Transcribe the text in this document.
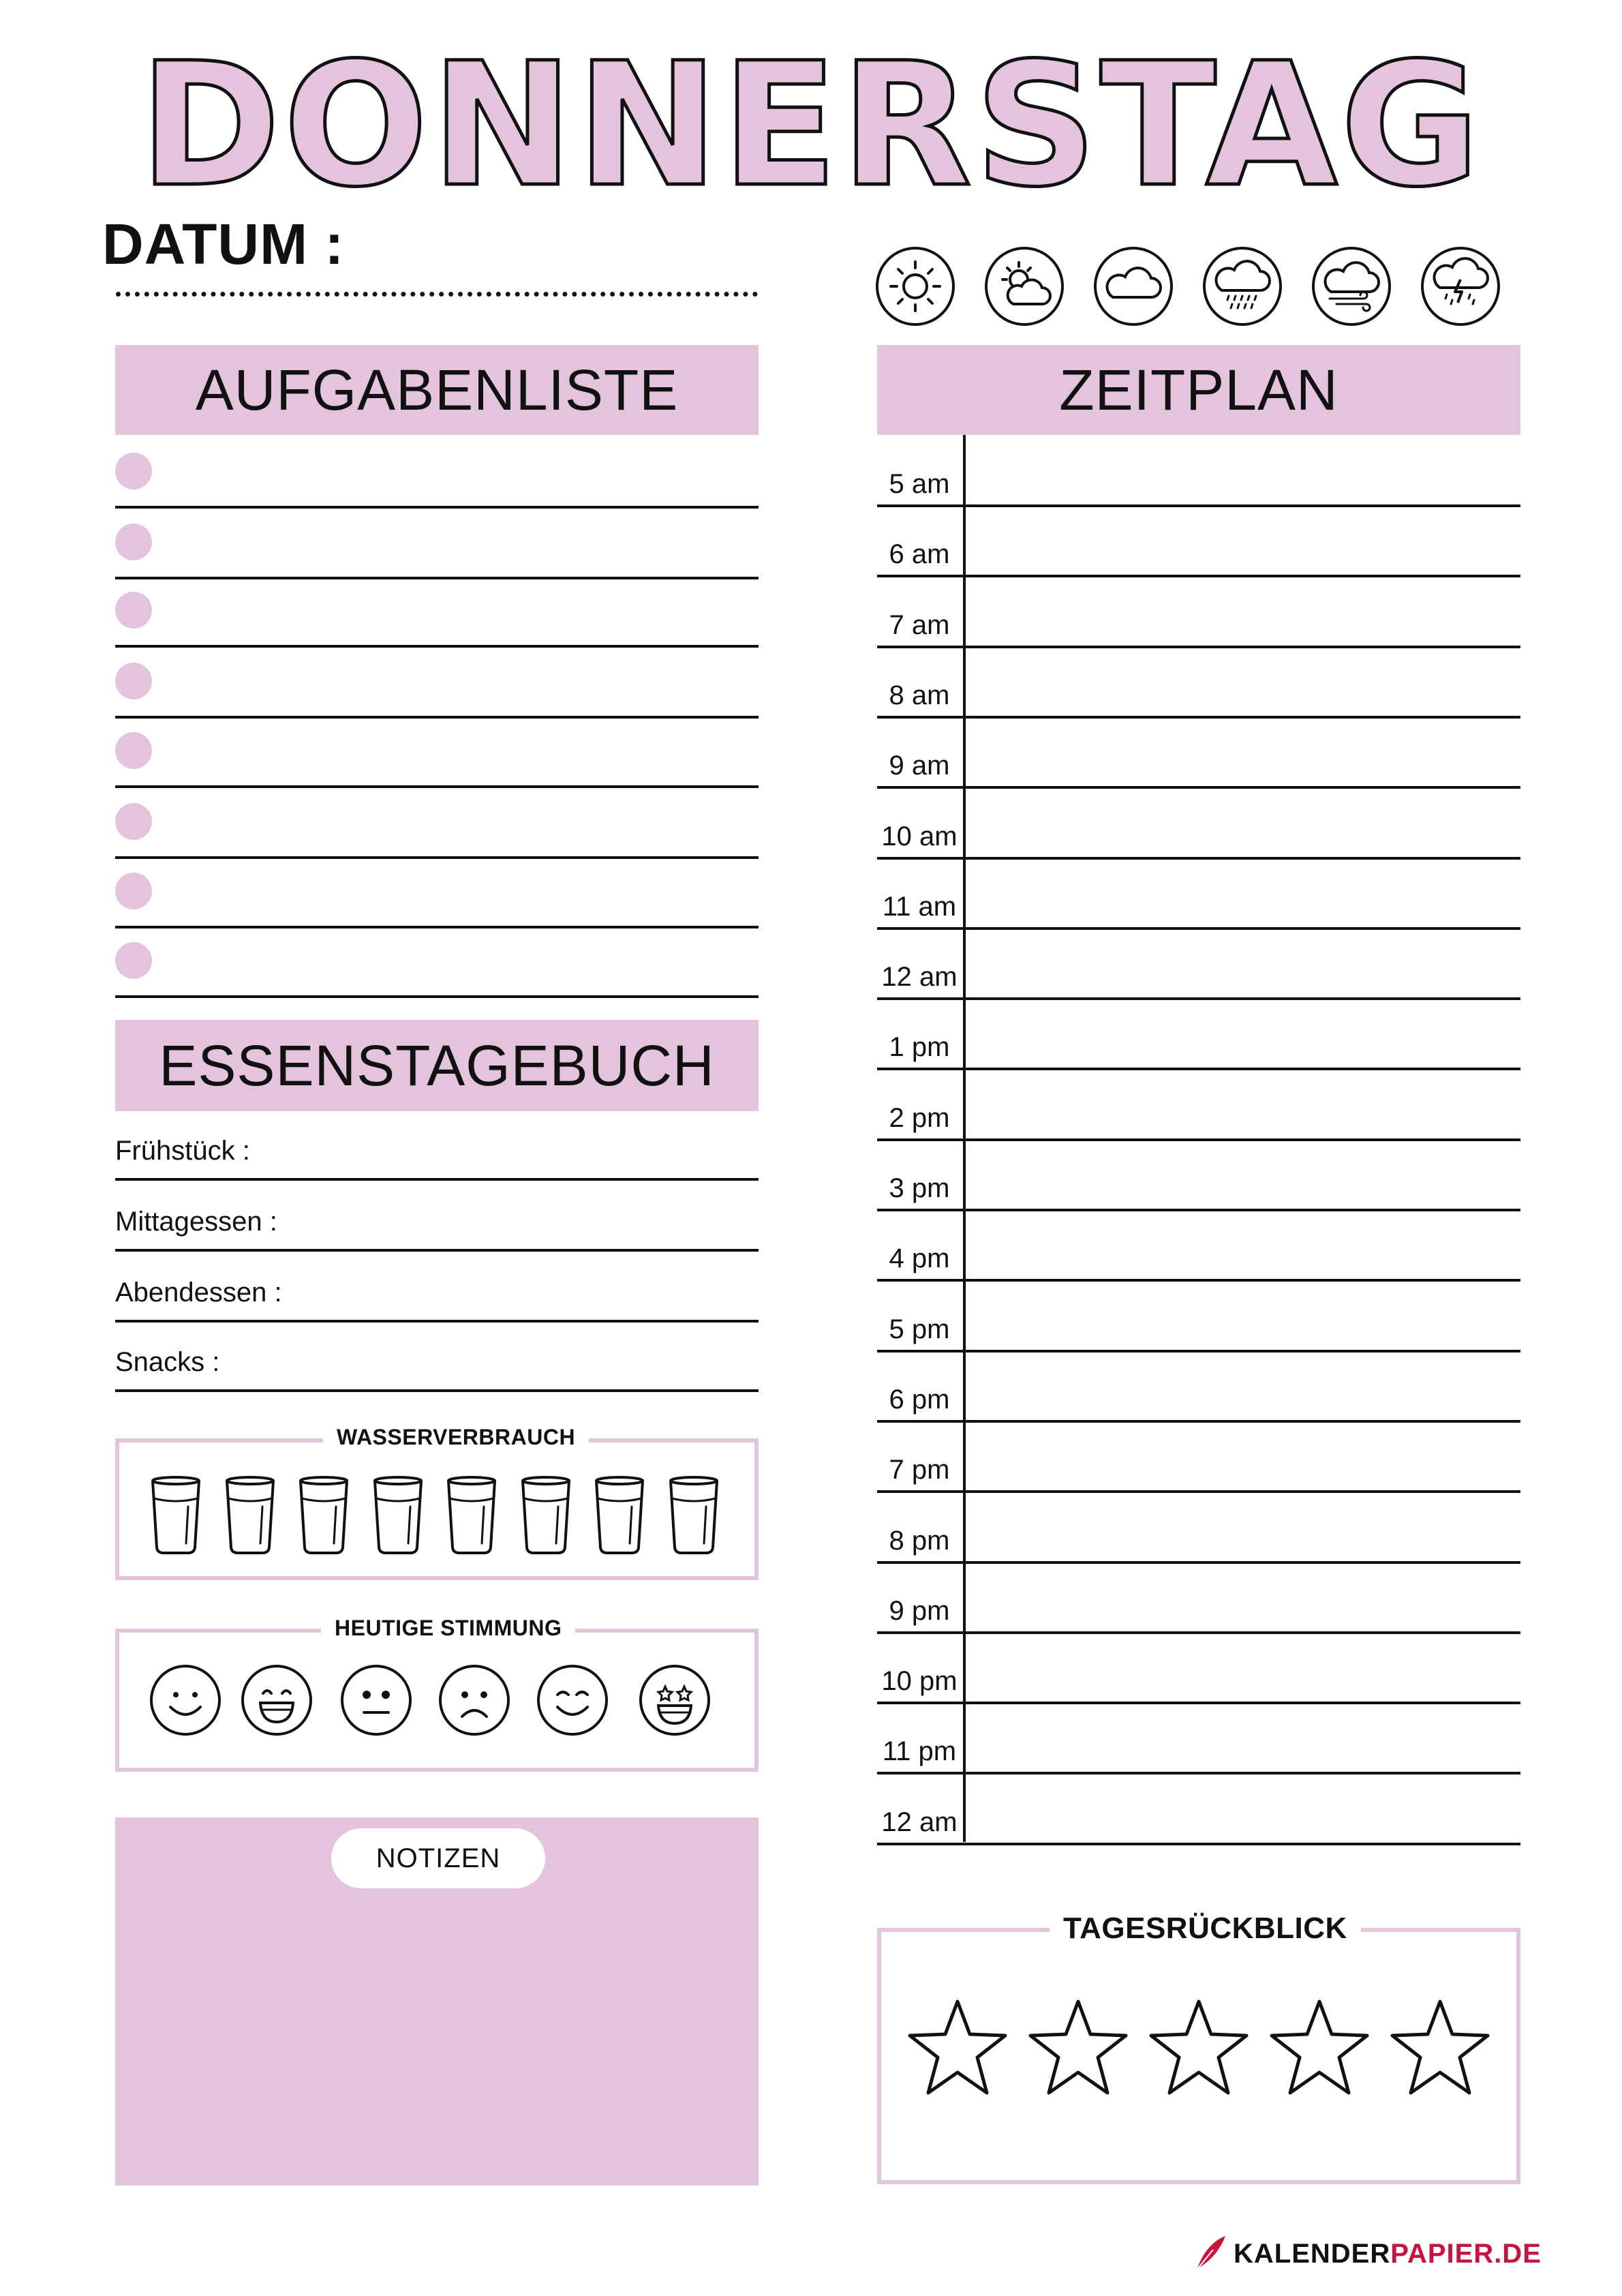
DONNERSTAG
DATUM :
AUFGABENLISTE
ESSENSTAGEBUCH
Frühstück :
Mittagessen :
Abendessen :
Snacks :
WASSERVERBRAUCH
HEUTIGE STIMMUNG
NOTIZEN
ZEITPLAN
5 am
6 am
7 am
8 am
9 am
10 am
11 am
12 am
1 pm
2 pm
3 pm
4 pm
5 pm
6 pm
7 pm
8 pm
9 pm
10 pm
11 pm
12 am
TAGESRÜCKBLICK
KALENDERPAPIER.DE
